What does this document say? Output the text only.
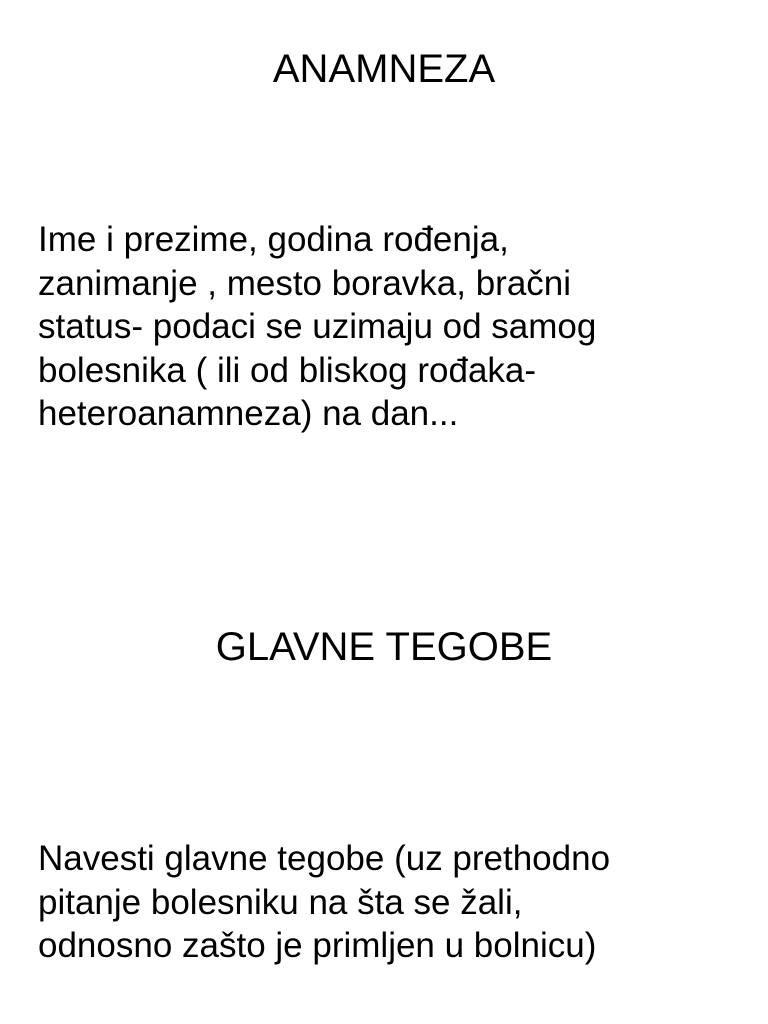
ANAMNEZA

Ime i prezime, godina rođenja,
zanimanje , mesto boravka, bračni
status- podaci se uzimaju od samog
bolesnika ( ili od bliskog rođaka-
heteroanamneza) na dan...

GLAVNE TEGOBE

Navesti glavne tegobe (uz prethodno
pitanje bolesniku na šta se žali,
odnosno zašto je primljen u bolnicu)
